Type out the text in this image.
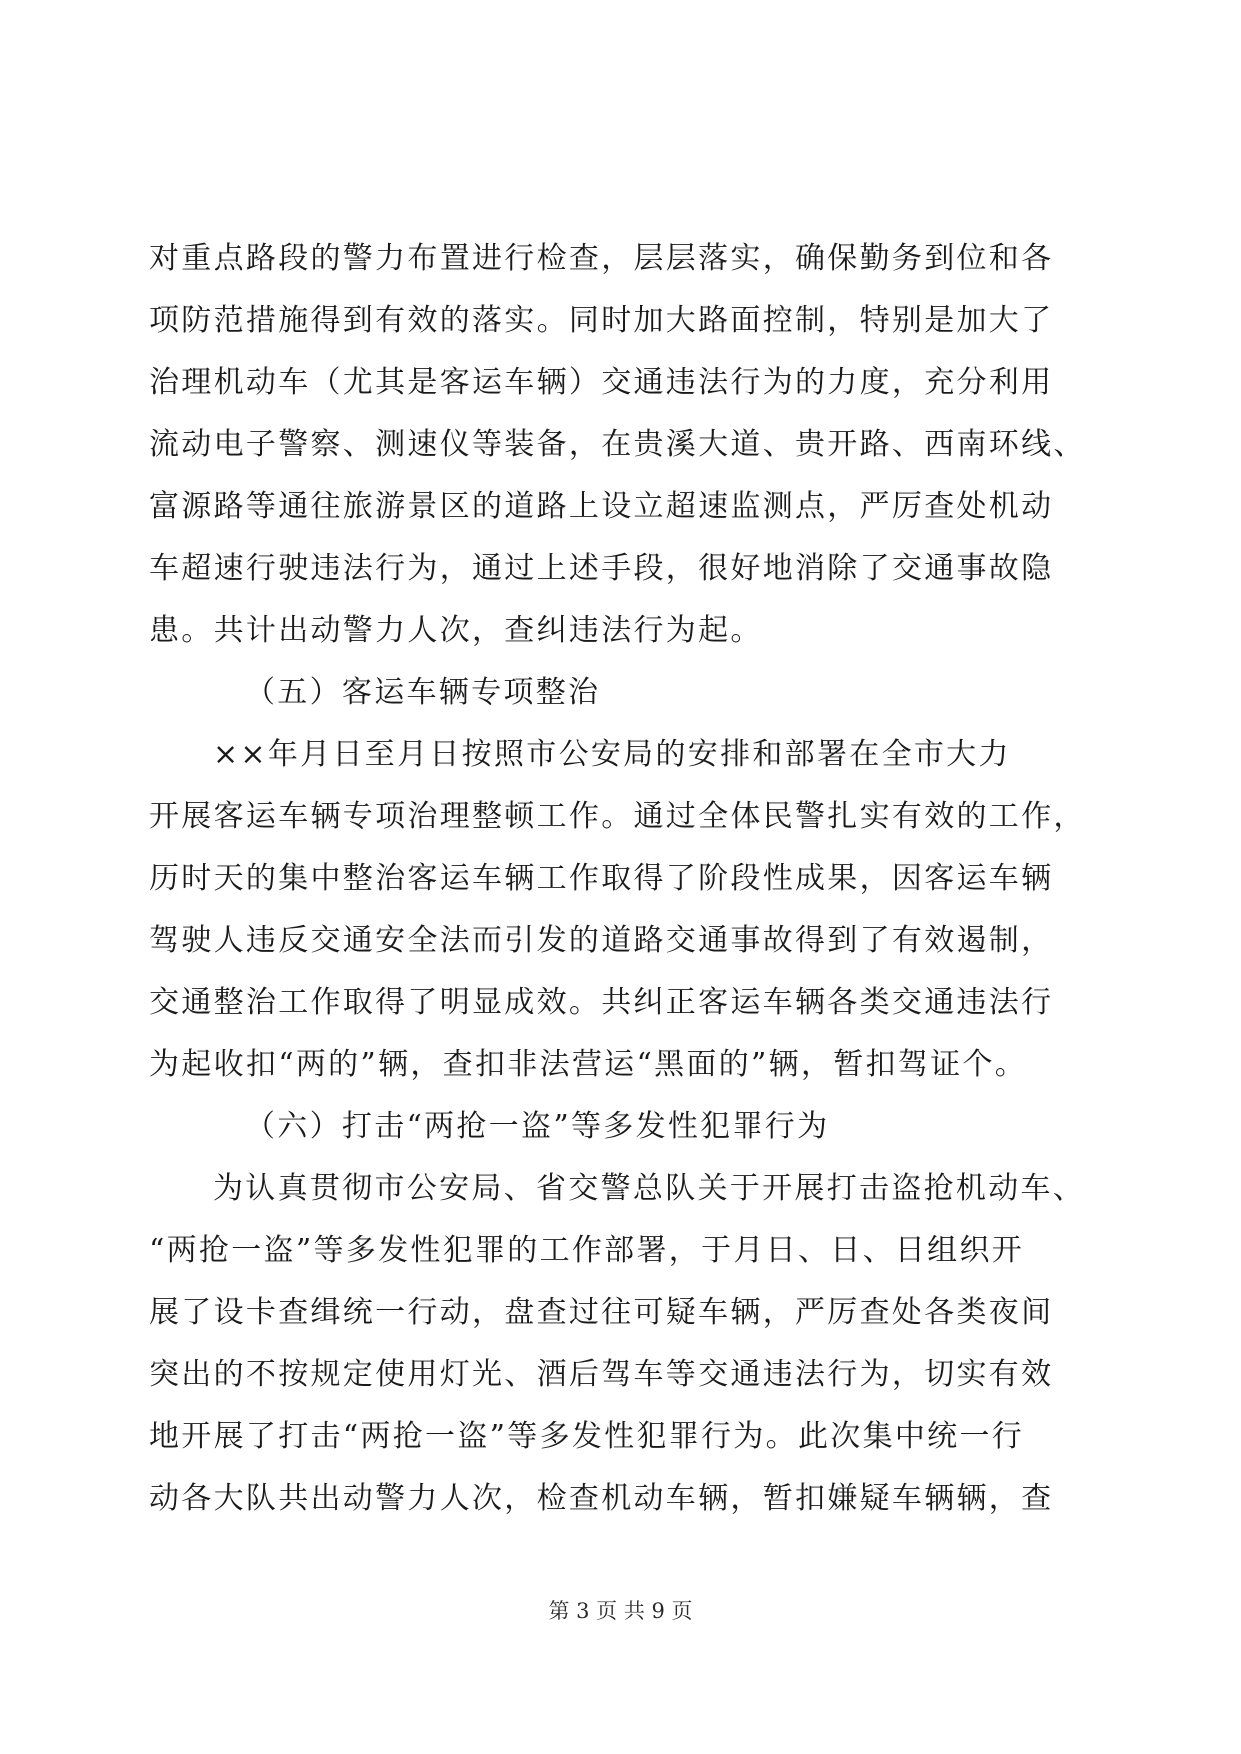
对重点路段的警力布置进行检查，层层落实，确保勤务到位和各
项防范措施得到有效的落实。同时加大路面控制，特别是加大了
治理机动车（尤其是客运车辆）交通违法行为的力度，充分利用
流动电子警察、测速仪等装备，在贵溪大道、贵开路、西南环线、
富源路等通往旅游景区的道路上设立超速监测点，严厉查处机动
车超速行驶违法行为，通过上述手段，很好地消除了交通事故隐
患。共计出动警力人次，查纠违法行为起。
（五）客运车辆专项整治
××年月日至月日按照市公安局的安排和部署在全市大力
开展客运车辆专项治理整顿工作。通过全体民警扎实有效的工作，
历时天的集中整治客运车辆工作取得了阶段性成果，因客运车辆
驾驶人违反交通安全法而引发的道路交通事故得到了有效遏制，
交通整治工作取得了明显成效。共纠正客运车辆各类交通违法行
为起收扣“两的”辆，查扣非法营运“黑面的”辆，暂扣驾证个。
（六）打击“两抢一盗”等多发性犯罪行为
为认真贯彻市公安局、省交警总队关于开展打击盗抢机动车、
“两抢一盗”等多发性犯罪的工作部署，于月日、日、日组织开
展了设卡查缉统一行动，盘查过往可疑车辆，严厉查处各类夜间
突出的不按规定使用灯光、酒后驾车等交通违法行为，切实有效
地开展了打击“两抢一盗”等多发性犯罪行为。此次集中统一行
动各大队共出动警力人次，检查机动车辆，暂扣嫌疑车辆辆，查
第 3 页 共 9 页
